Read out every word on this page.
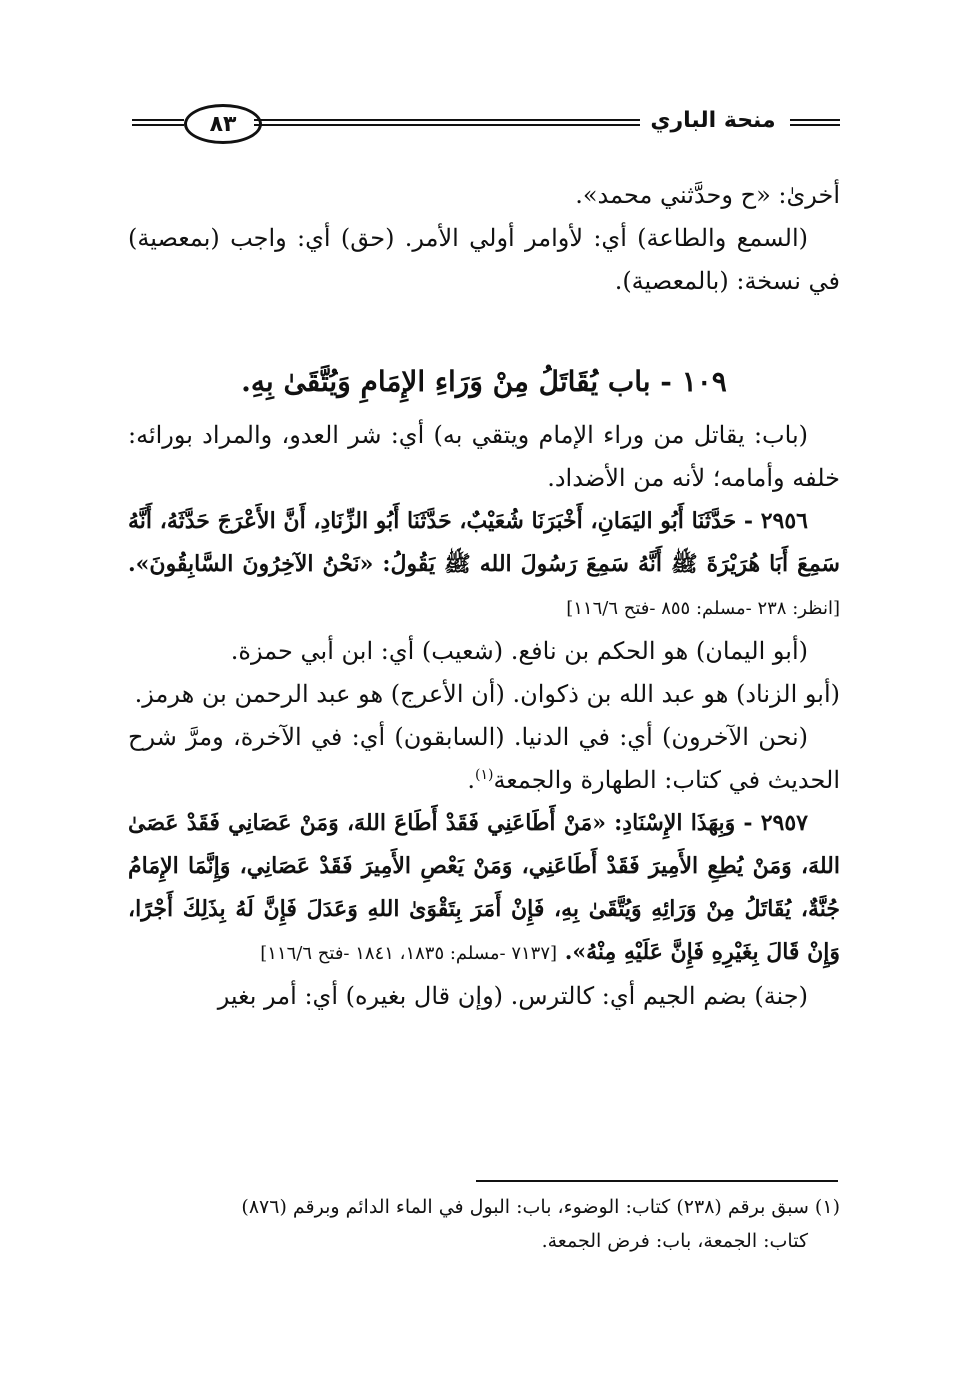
٨٣	منحة الباري

أخرىٰ: «ح وحدَّثني محمد».

(السمع والطاعة) أي: لأوامر أولي الأمر. (حق) أي: واجب (بمعصية) في نسخة: (بالمعصية).

١٠٩ - باب يُقَاتَلُ مِنْ وَرَاءِ الإِمَامِ وَيُتَّقَىٰ بِهِ.

(باب: يقاتل من وراء الإمام ويتقي به) أي: شر العدو، والمراد بورائه: خلفه وأمامه؛ لأنه من الأضداد.

٢٩٥٦ - حَدَّثَنَا أَبُو اليَمَانِ، أَخْبَرَنَا شُعَيْبٌ، حَدَّثَنَا أَبُو الزِّنَادِ، أَنَّ الأَعْرَجَ حَدَّثَهُ، أَنَّهُ سَمِعَ أَبَا هُرَيْرَةَ ﷺ أَنَّهُ سَمِعَ رَسُولَ الله ﷺ يَقُولُ: «نَحْنُ الآخِرُونَ السَّابِقُونَ». [انظر: ٢٣٨ -مسلم: ٨٥٥ -فتح ١١٦/٦]

(أبو اليمان) هو الحكم بن نافع. (شعيب) أي: ابن أبي حمزة.

(أبو الزناد) هو عبد الله بن ذكوان. (أن الأعرج) هو عبد الرحمن بن هرمز.

(نحن الآخرون) أي: في الدنيا. (السابقون) أي: في الآخرة، ومرَّ شرح الحديث في كتاب: الطهارة والجمعة$^{(١)}$.

٢٩٥٧ - وَبِهَذَا الإِسْنَادِ: «مَنْ أَطَاعَنِي فَقَدْ أَطَاعَ اللهَ، وَمَنْ عَصَانِي فَقَدْ عَصَىٰ اللهَ، وَمَنْ يُطِعِ الأَمِيرَ فَقَدْ أَطَاعَنِي، وَمَنْ يَعْصِ الأَمِيرَ فَقَدْ عَصَانِي، وَإِنَّمَا الإِمَامُ جُنَّةٌ، يُقَاتَلُ مِنْ وَرَائِهِ وَيُتَّقَىٰ بِهِ، فَإِنْ أَمَرَ بِتَقْوَىٰ اللهِ وَعَدَلَ فَإِنَّ لَهُ بِذَلِكَ أَجْرًا، وَإِنْ قَالَ بِغَيْرِهِ فَإِنَّ عَلَيْهِ مِنْهُ». [٧١٣٧ -مسلم: ١٨٣٥، ١٨٤١ -فتح ١١٦/٦]

(جنة) بضم الجيم أي: كالترس. (وإن قال بغيره) أي: أمر بغير

(١) سبق برقم (٢٣٨) كتاب: الوضوء، باب: البول في الماء الدائم وبرقم (٨٧٦)

كتاب: الجمعة، باب: فرض الجمعة.
